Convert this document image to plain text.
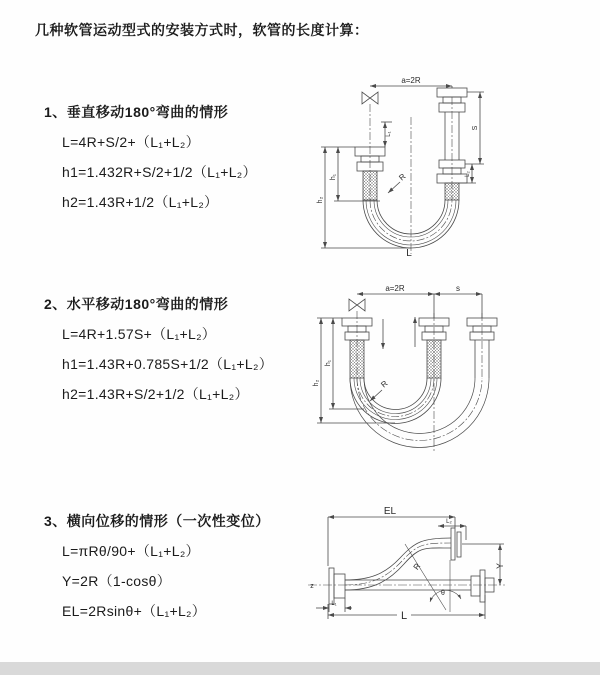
几种软管运动型式的安装方式时，软管的长度计算：
1、垂直移动180°弯曲的情形

L=4R+S/2+（L₁+L₂）

h1=1.432R+S/2+1/2（L₁+L₂）

h2=1.43R+1/2（L₁+L₂）

2、水平移动180°弯曲的情形

L=4R+1.57S+（L₁+L₂）

h1=1.43R+0.785S+1/2（L₁+L₂）

h2=1.43R+S/2+1/2（L₁+L₂）

3、横向位移的情形（一次性变位）

L=πRθ/90+（L₁+L₂）

Y=2R（1-cosθ）

EL=2Rsinθ+（L₁+L₂）

a=2R
h₁
h₂
L₁
S
L₂
R
L
a=2R	s
h₁
h₂	R
EL
L₂
Y
z
R
θ
L
L₁
